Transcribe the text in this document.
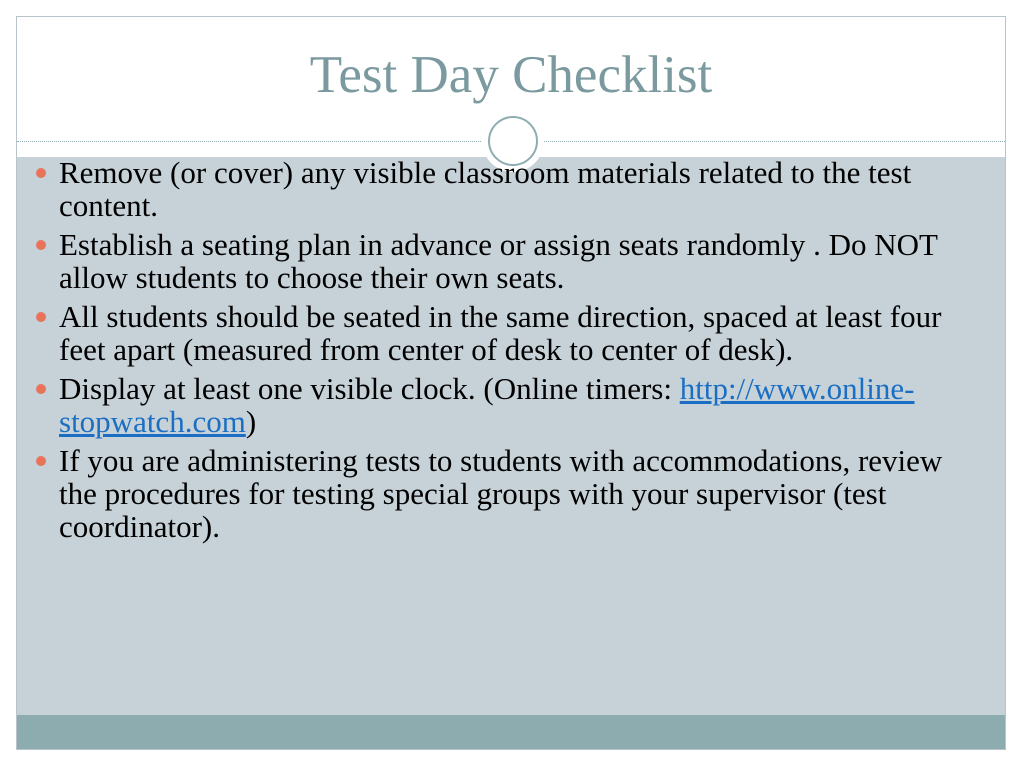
Test Day Checklist
Remove (or cover) any visible classroom materials related to the test content.
Establish a seating plan in advance or assign seats randomly . Do NOT allow students to choose their own seats.
All students should be seated in the same direction, spaced at least four feet apart (measured from center of desk to center of desk).
Display at least one visible clock. (Online timers: http://www.online-stopwatch.com)
If you are administering tests to students with accommodations, review the procedures for testing special groups with your supervisor (test coordinator).
